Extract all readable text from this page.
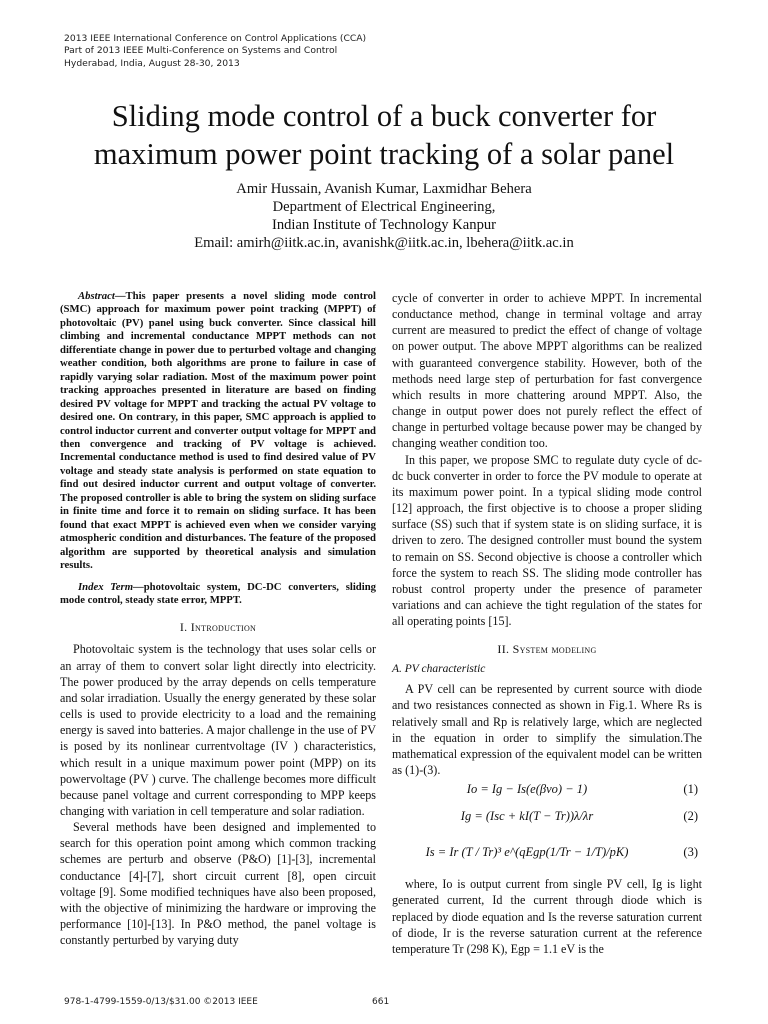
2013 IEEE International Conference on Control Applications (CCA)
Part of 2013 IEEE Multi-Conference on Systems and Control
Hyderabad, India, August 28-30, 2013
Sliding mode control of a buck converter for
maximum power point tracking of a solar panel
Amir Hussain, Avanish Kumar, Laxmidhar Behera
Department of Electrical Engineering,
Indian Institute of Technology Kanpur
Email: amirh@iitk.ac.in, avanishk@iitk.ac.in, lbehera@iitk.ac.in

Abstract—This paper presents a novel sliding mode control (SMC) approach for maximum power point tracking (MPPT) of photovoltaic (PV) panel using buck converter. Since classical hill climbing and incremental conductance MPPT methods can not differentiate change in power due to perturbed voltage and changing weather condition, both algorithms are prone to failure in case of rapidly varying solar radiation. Most of the maximum power point tracking approaches presented in literature are based on finding desired PV voltage for MPPT and tracking the actual PV voltage to desired one. On contrary, in this paper, SMC approach is applied to control inductor current and converter output voltage for MPPT and then convergence and tracking of PV voltage is achieved. Incremental conductance method is used to find desired value of PV voltage and steady state analysis is performed on state equation to find out desired inductor current and output voltage of converter. The proposed controller is able to bring the system on sliding surface in finite time and force it to remain on sliding surface. It has been found that exact MPPT is achieved even when we consider varying atmospheric condition and disturbances. The feature of the proposed algorithm are supported by theoretical analysis and simulation results.

Index Term—photovoltaic system, DC-DC converters, sliding mode control, steady state error, MPPT.

I. Introduction

Photovoltaic system is the technology that uses solar cells or an array of them to convert solar light directly into electricity. The power produced by the array depends on cells temperature and solar irradiation. Usually the energy generated by these solar cells is used to provide electricity to a load and the remaining energy is saved into batteries. A major challenge in the use of PV is posed by its nonlinear currentvoltage (IV ) characteristics, which result in a unique maximum power point (MPP) on its powervoltage (PV ) curve. The challenge becomes more difficult because panel voltage and current corresponding to MPP keeps changing with variation in cell temperature and solar radiation.

Several methods have been designed and implemented to search for this operation point among which common tracking schemes are perturb and observe (P&O) [1]-[3], incremental conductance [4]-[7], short circuit current [8], open circuit voltage [9]. Some modified techniques have also been proposed, with the objective of minimizing the hardware or improving the performance [10]-[13]. In P&O method, the panel voltage is constantly perturbed by varying duty

cycle of converter in order to achieve MPPT. In incremental conductance method, change in terminal voltage and array current are measured to predict the effect of change of voltage on power output. The above MPPT algorithms can be realized with guaranteed convergence stability. However, both of the methods need large step of perturbation for fast convergence which results in more chattering around MPPT. Also, the change in output power does not purely reflect the effect of change in perturbed voltage because power may be changed by changing weather condition too.

In this paper, we propose SMC to regulate duty cycle of dc-dc buck converter in order to force the PV module to operate at its maximum power point. In a typical sliding mode control [12] approach, the first objective is to choose a proper sliding surface (SS) such that if system state is on sliding surface, it is driven to zero. The designed controller must bound the system to remain on SS. Second objective is choose a controller which force the system to reach SS. The sliding mode controller has robust control property under the presence of parameter variations and can achieve the tight regulation of the states for all operating points [15].

II. System modeling
A. PV characteristic

A PV cell can be represented by current source with diode and two resistances connected as shown in Fig.1. Where Rs is relatively small and Rp is relatively large, which are neglected in the equation in order to simplify the simulation.The mathematical expression of the equivalent model can be written as (1)-(3).

Io = Ig − Is(e(βvo) − 1)	(1)
Ig = (Isc + kI(T − Tr))λ/λr	(2)
Is = Ir (T / Tr)³ e^(qEgp(1/Tr − 1/T)/pK)	(3)

where, Io is output current from single PV cell, Ig is light generated current, Id the current through diode which is replaced by diode equation and Is the reverse saturation current of diode, Ir is the reverse saturation current at the reference temperature Tr (298 K), Egp = 1.1 eV is the

978-1-4799-1559-0/13/$31.00 ©2013 IEEE	661
